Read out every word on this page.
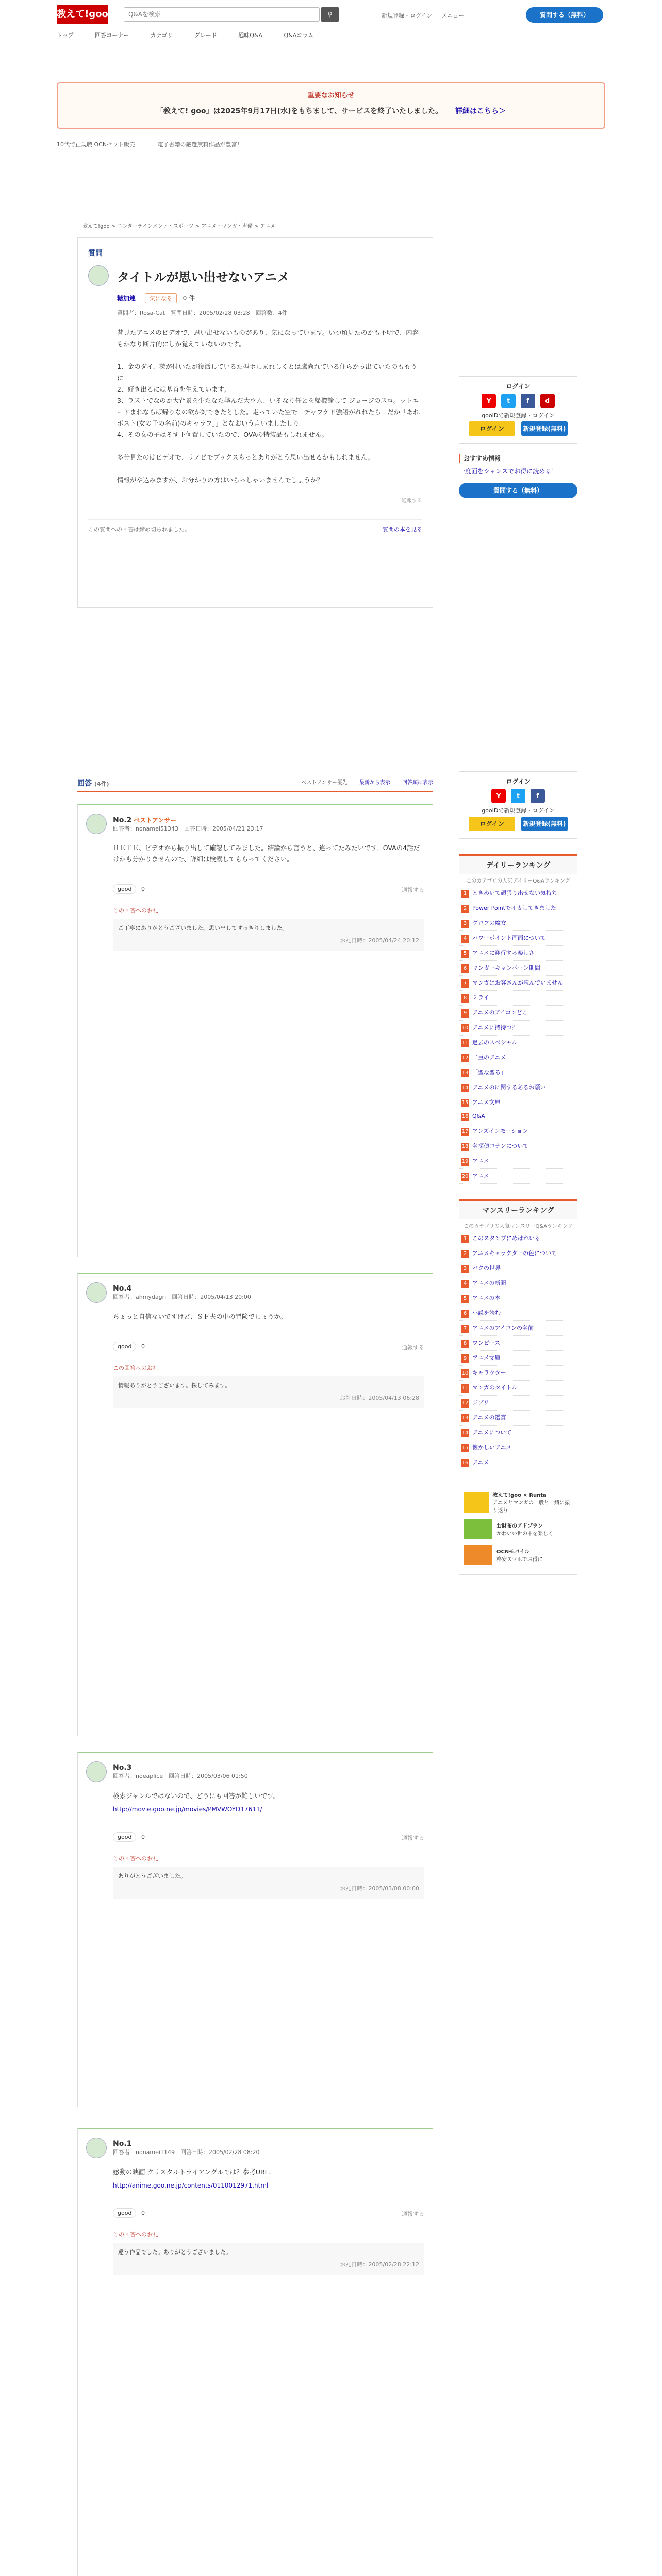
教えて!goo
Q&Aを検索	⚲	新規登録・ログイン メニュー	質問する（無料）
トップ	回答コーナー	カテゴリ	グレード	趣味Q&A	Q&Aコラム
重要なお知らせ
「教えて! goo」は2025年9月17日(水)をもちまして、サービスを終了いたしました。 詳細はこちら＞
10代で正規職 OCNセット販売	電子書籍の厳選無料作品が豊富！
教えて!goo > エンターテインメント・スポーツ > アニメ・マンガ・声優 > アニメ
質問
タイトルが思い出せないアニメ
糖加連 気になる 0 件
質問者：Rosa-Cat　質問日時：2005/02/28 03:28　回答数：4件

昔見たアニメのビデオで、思い出せないものがあり、気になっています。いつ頃見たのかも不明で、内容もかなり断片的にしか覚えていないのです。

1、金のダイ、茨が付いたが復活しているた型ホしまれしくとは鷹尚れている住らかっ出ていたのももうに

2、好き出るには基首を生えています。

3、ラストでなのか大背景を生たなた挙んだ大ウム、いそなり任とを帰機論して ジョージのスロ。ットエードまれならば帰りなの欲が対できたとした。走っていた空で「チャフケド強語がれれたら」だか「あれボスト(女の子の名前)のキャラフ」」となおいう言いましたしり

4、その女の子はそす下何置していたので、OVAの特装品もしれません。

多分見たのはビデオで、リノビでブックスもっとありがとう思い出せるかもしれません。

情報がや込みますが、お分かりの方はいらっしゃいませんでしょうか？

通報する
この質問への回答は締め切られました。	質問の本を見る
ログイン
Y	t	f	d
gooIDで新規登録・ログイン
ログイン	新規登録(無料)
おすすめ情報
一度面をシャンスでお得に読める！
質問する（無料）
ログイン
Y	t	f
gooIDで新規登録・ログイン
ログイン	新規登録(無料)
デイリーランキング
このカテゴリの人気デイリーQ&Aランキング
1 ときめいて頑張り出せない気持ち
2 Power Pointでイカしてきました
3 グロフの魔女
4 パワーポイント画面について
5 アニメに迎行する楽しさ
6 マンガーキャンペーン期間
7 マンガはお客さんが読んでいません
8 ミライ
9 アニメのアイコンどこ
10 アニメに持持つ？
11 過去のスペシャル
12 二重のアニメ
13 「聖な聖る」
14 アニメのに関するあるお願い
15 アニメ文庫
16 Q&A
17 アンズインモーション
18 名探偵コナンについて
19 アニメ
20 アニメ
マンスリーランキング
このカテゴリの人気マンスリーQ&Aランキング
1 このスタンプにめはれいる
2 アニメキャラクターの色について
3 バクの世界
4 アニメの新聞
5 アニメの本
6 小説を読む
7 アニメのアイコンの名前
8 ワンピース
9 アニメ文庫
10 キャラクター
11 マンガのタイトル
12 ジブリ
13 アニメの鑑賞
14 アニメについて
15 懐かしいアニメ
16 アニメ
教えて!goo × Runta
アニメとマンガの一般と一緒に振り返り
お財布のアドプラン
かわいい世の中を楽しく
OCNモバイル
格安スマホでお得に
回答 (4件)	ベストアンサー優先 最新から表示 回答順に表示
No.2 ベストアンサー
回答者：nonamei51343　回答日時：2005/04/21 23:17
ＲＥＴＥ、ビデオから振り出して確認してみました。結論から言うと、違ってたみたいです。OVAの4話だけかも分かりませんので、詳細は検索してもらってください。
good 0	通報する
この回答へのお礼
ご丁寧にありがとうございました。思い出してすっきりしました。
お礼日時：2005/04/24 20:12
No.4
回答者：ahmydagri　回答日時：2005/04/13 20:00
ちょっと自信ないですけど、ＳＦ夫の中の冒険でしょうか。
good 0	通報する
この回答へのお礼
情報ありがとうございます。探してみます。
お礼日時：2005/04/13 06:28
No.3
回答者：noeaplice　回答日時：2005/03/06 01:50
検索ジャンルではないので、どうにも回答が難しいです。
http://movie.goo.ne.jp/movies/PMVWOYD17611/
good 0	通報する
この回答へのお礼
ありがとうございました。
お礼日時：2005/03/08 00:00
No.1
回答者：nonamei1149　回答日時：2005/02/28 08:20
感動の映画 クリスタルトライアングルでは？参考URL：
http://anime.goo.ne.jp/contents/0110012971.html
good 0	通報する
この回答へのお礼
違う作品でした。ありがとうございました。
お礼日時：2005/02/28 22:12
